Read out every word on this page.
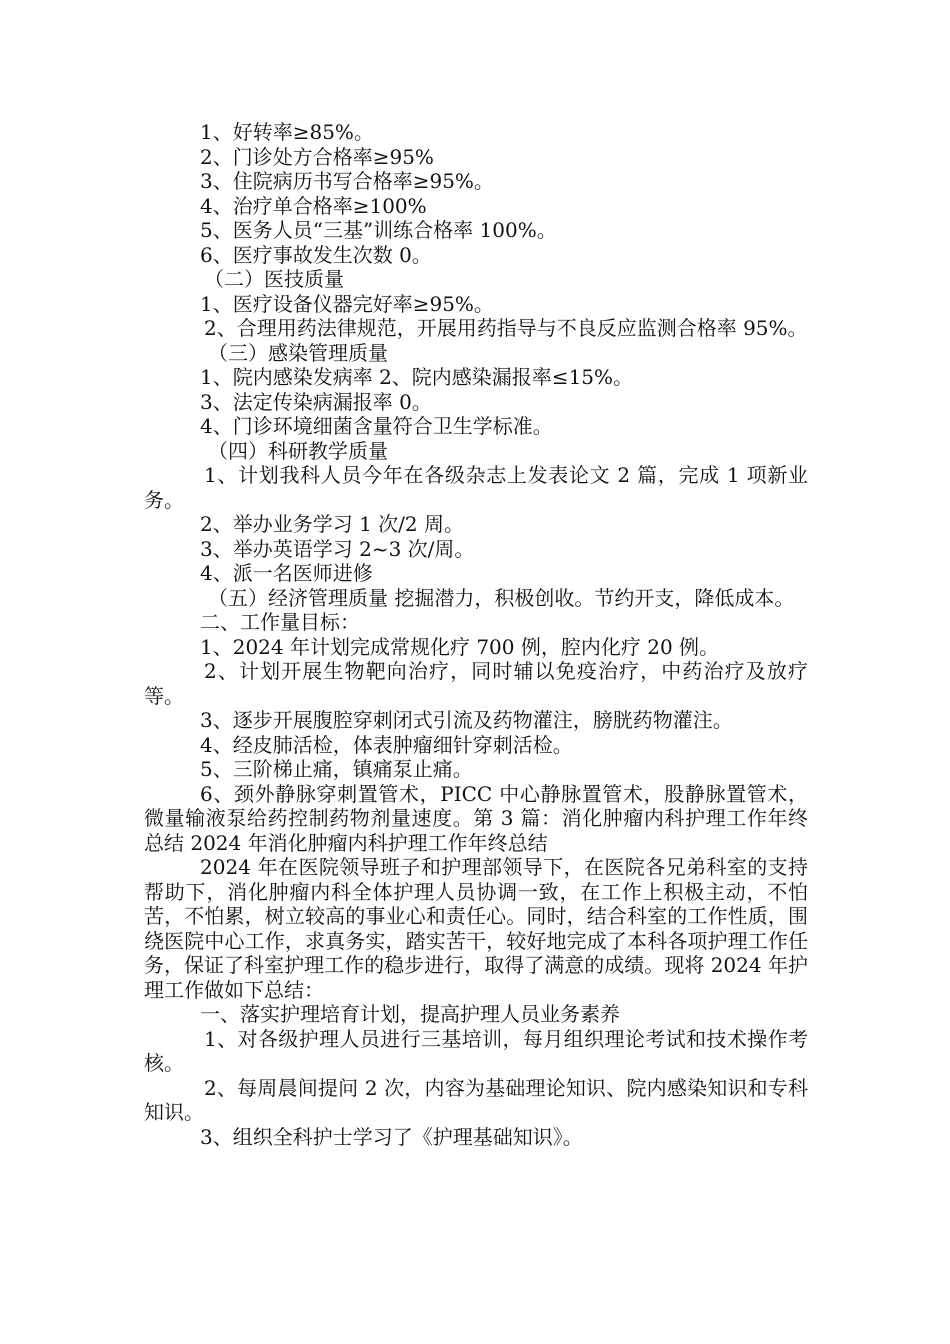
1、好转率≥85%。

2、门诊处方合格率≥95%

3、住院病历书写合格率≥95%。

4、治疗单合格率≥100%

5、医务人员“三基”训练合格率 100%。

6、医疗事故发生次数 0。

（二）医技质量

1、医疗设备仪器完好率≥95%。

2、合理用药法律规范，开展用药指导与不良反应监测合格率 95%。

（三）感染管理质量

1、院内感染发病率 2、院内感染漏报率≤15%。

3、法定传染病漏报率 0。

4、门诊环境细菌含量符合卫生学标准。

（四）科研教学质量

1、计划我科人员今年在各级杂志上发表论文 2 篇，完成 1 项新业务。

2、举办业务学习 1 次/2 周。

3、举办英语学习 2~3 次/周。

4、派一名医师进修

（五）经济管理质量 挖掘潜力，积极创收。节约开支，降低成本。

二、工作量目标：

1、2024 年计划完成常规化疗 700 例，腔内化疗 20 例。

2、计划开展生物靶向治疗，同时辅以免疫治疗，中药治疗及放疗等。

3、逐步开展腹腔穿刺闭式引流及药物灌注，膀胱药物灌注。

4、经皮肺活检，体表肿瘤细针穿刺活检。

5、三阶梯止痛，镇痛泵止痛。

6、颈外静脉穿刺置管术，PICC 中心静脉置管术，股静脉置管术，微量输液泵给药控制药物剂量速度。第 3 篇：消化肿瘤内科护理工作年终总结 2024 年消化肿瘤内科护理工作年终总结

2024 年在医院领导班子和护理部领导下，在医院各兄弟科室的支持帮助下，消化肿瘤内科全体护理人员协调一致，在工作上积极主动，不怕苦，不怕累，树立较高的事业心和责任心。同时，结合科室的工作性质，围绕医院中心工作，求真务实，踏实苦干，较好地完成了本科各项护理工作任务，保证了科室护理工作的稳步进行，取得了满意的成绩。现将 2024 年护理工作做如下总结：

一、落实护理培育计划，提高护理人员业务素养

1、对各级护理人员进行三基培训，每月组织理论考试和技术操作考核。

2、每周晨间提问 2 次，内容为基础理论知识、院内感染知识和专科知识。

3、组织全科护士学习了《护理基础知识》。
